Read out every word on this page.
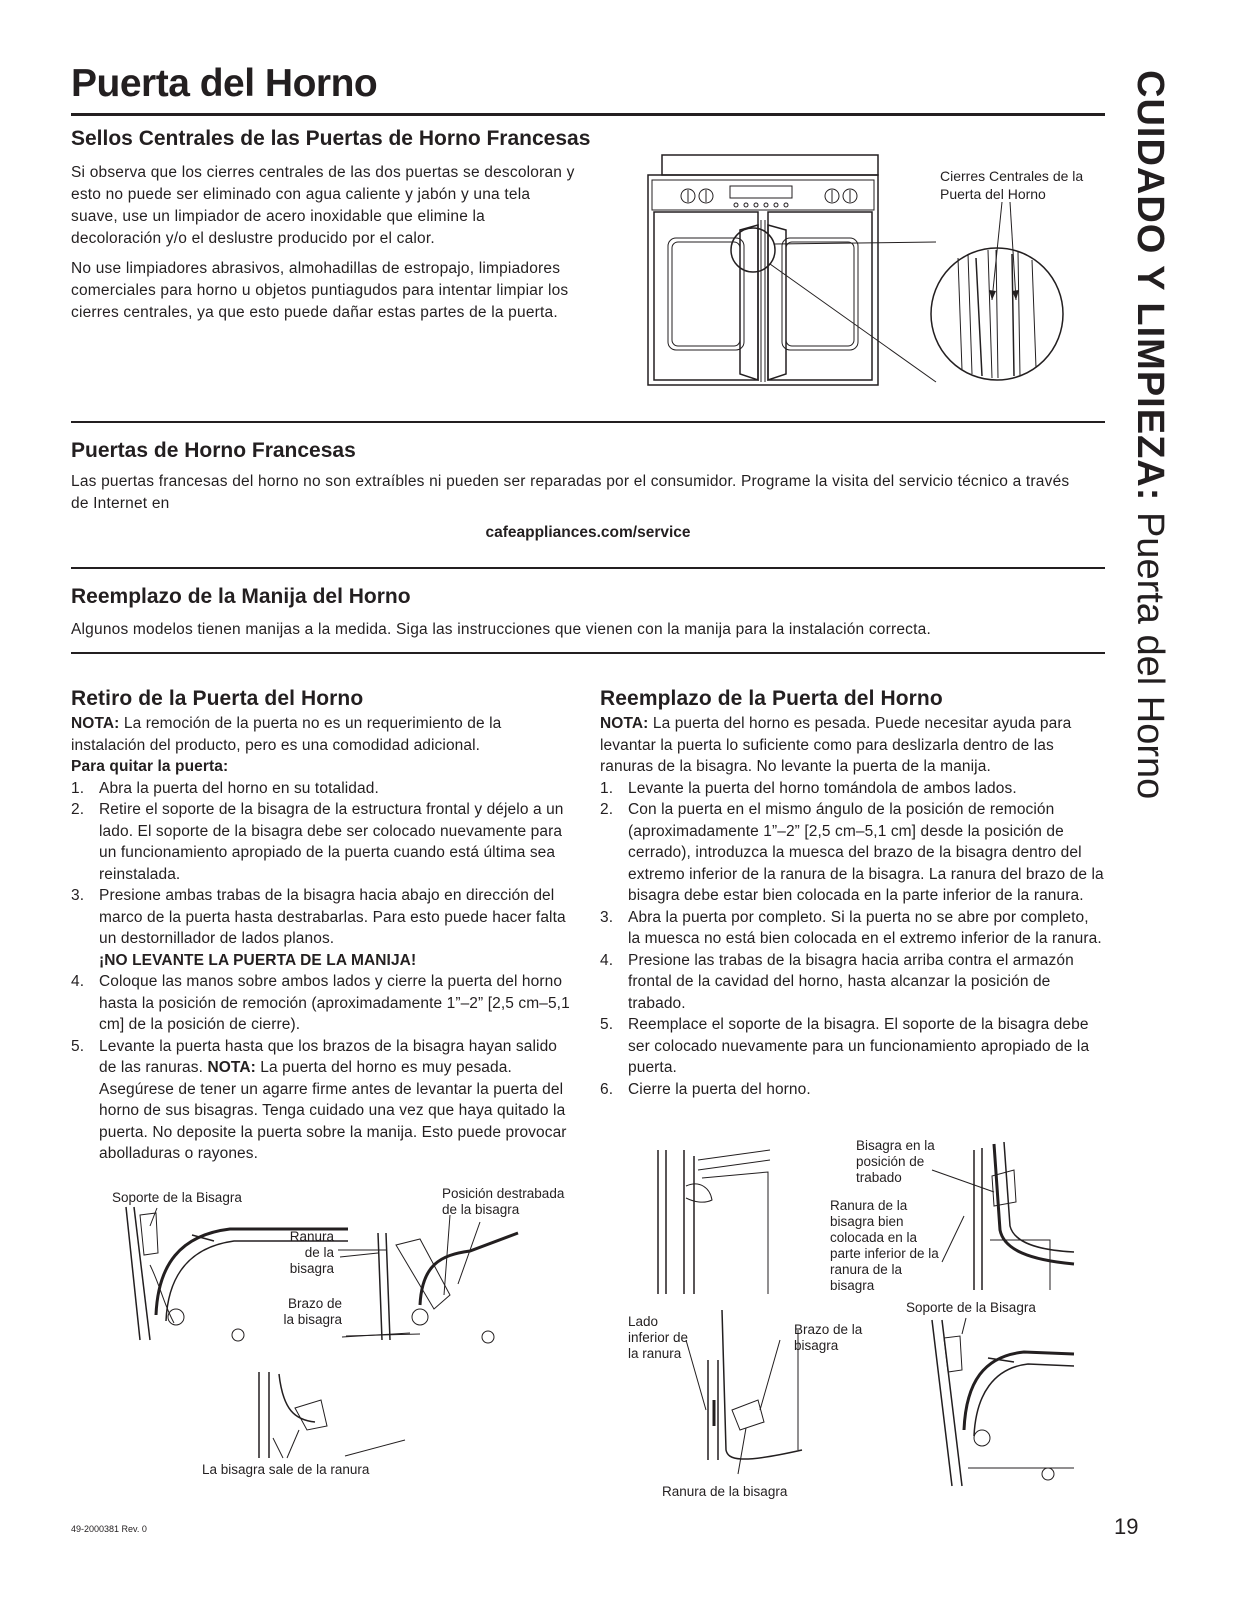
Puerta del Horno	CUIDADO Y LIMPIEZA: Puerta del Horno
Sellos Centrales de las Puertas de Horno Francesas

Si observa que los cierres centrales de las dos puertas se descoloran y esto no puede ser eliminado con agua caliente y jabón y una tela suave, use un limpiador de acero inoxidable que elimine la decoloración y/o el deslustre producido por el calor.

No use limpiadores abrasivos, almohadillas de estropajo, limpiadores comerciales para horno u objetos puntiagudos para intentar limpiar los cierres centrales, ya que esto puede dañar estas partes de la puerta.

Cierres Centrales de la Puerta del Horno
Puertas de Horno Francesas

Las puertas francesas del horno no son extraíbles ni pueden ser reparadas por el consumidor. Programe la visita del servicio técnico a través de Internet en

cafeappliances.com/service
Reemplazo de la Manija del Horno

Algunos modelos tienen manijas a la medida. Siga las instrucciones que vienen con la manija para la instalación correcta.

Retiro de la Puerta del Horno

NOTA: La remoción de la puerta no es un requerimiento de la instalación del producto, pero es una comodidad adicional.

Para quitar la puerta:

1. Abra la puerta del horno en su totalidad.
2. Retire el soporte de la bisagra de la estructura frontal y déjelo a un lado. El soporte de la bisagra debe ser colocado nuevamente para un funcionamiento apropiado de la puerta cuando está última sea reinstalada.
3. Presione ambas trabas de la bisagra hacia abajo en dirección del marco de la puerta hasta destrabarlas. Para esto puede hacer falta un destornillador de lados planos.
¡NO LEVANTE LA PUERTA DE LA MANIJA!
4. Coloque las manos sobre ambos lados y cierre la puerta del horno hasta la posición de remoción (aproximadamente 1”–2” [2,5 cm–5,1 cm] de la posición de cierre).
5. Levante la puerta hasta que los brazos de la bisagra hayan salido de las ranuras. NOTA: La puerta del horno es muy pesada. Asegúrese de tener un agarre firme antes de levantar la puerta del horno de sus bisagras. Tenga cuidado una vez que haya quitado la puerta. No deposite la puerta sobre la manija. Esto puede provocar abolladuras o rayones.
Reemplazo de la Puerta del Horno

NOTA: La puerta del horno es pesada. Puede necesitar ayuda para levantar la puerta lo suficiente como para deslizarla dentro de las ranuras de la bisagra. No levante la puerta de la manija.

1. Levante la puerta del horno tomándola de ambos lados.
2. Con la puerta en el mismo ángulo de la posición de remoción (aproximadamente 1”–2” [2,5 cm–5,1 cm] desde la posición de cerrado), introduzca la muesca del brazo de la bisagra dentro del extremo inferior de la ranura de la bisagra. La ranura del brazo de la bisagra debe estar bien colocada en la parte inferior de la ranura.
3. Abra la puerta por completo. Si la puerta no se abre por completo, la muesca no está bien colocada en el extremo inferior de la ranura.
4. Presione las trabas de la bisagra hacia arriba contra el armazón frontal de la cavidad del horno, hasta alcanzar la posición de trabado.
5. Reemplace el soporte de la bisagra. El soporte de la bisagra debe ser colocado nuevamente para un funcionamiento apropiado de la puerta.
6. Cierre la puerta del horno.
Soporte de la Bisagra	Posición destrabada de la bisagra
Ranura de la bisagra
Brazo de la bisagra
La bisagra sale de la ranura
Bisagra en la posición de trabado
Ranura de la bisagra bien colocada en la parte inferior de la ranura de la bisagra
Soporte de la Bisagra
Lado inferior de la ranura
Brazo de la bisagra
Ranura de la bisagra
49-2000381 Rev. 0	19
